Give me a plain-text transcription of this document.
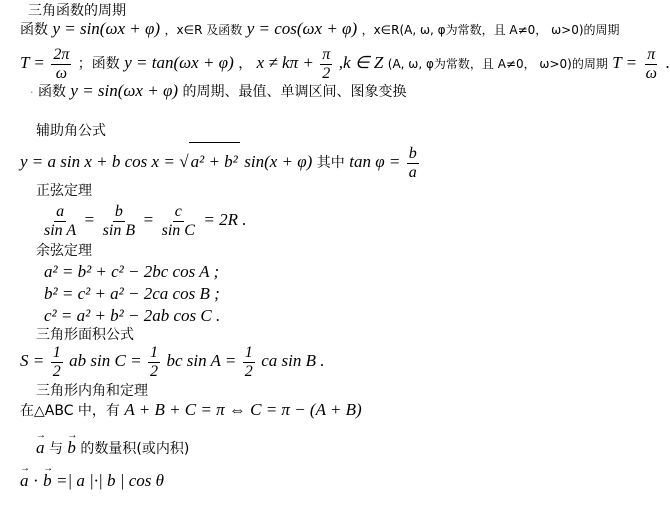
三角函数的周期
函数 y = sin(ωx + φ) ，x∈R 及函数 y = cos(ωx + φ) ，x∈R(A, ω, φ为常数，且 A≠0， ω>0)的周期
$T = \frac{2\pi}{\omega}$ ；函数 y = tan(ωx + φ) ， $x \ne k\pi + \frac{\pi}{2} ,k$ ∈ Z (A, ω, φ为常数，且 A≠0， ω>0)的周期 $T = \frac{\pi}{\omega}$ .
· 函数 y = sin(ωx + φ) 的周期、最值、单调区间、图象变换
辅助角公式
y = a sin x + b cos x = √ a² + b² sin(x + φ) 其中 $\tan \varphi = \frac{b}{a}$
正弦定理
$\frac{a}{\text{sin A}} = \frac{b}{\text{sin B}} = \frac{c}{\text{sin C}} = 2R$ .
余弦定理
a² = b² + c² − 2bc cos A ;
b² = c² + a² − 2ca cos B ;
c² = a² + b² − 2ab cos C .
三角形面积公式
$S = \frac{1}{2}$ ab $\sin C = \frac{1}{2}$ bc $\sin A = \frac{1}{2}$ ca sin B .
三角形内角和定理
在△ABC 中，有 A + B + C = π ⇔ C = π − (A + B)
→ a 与 → b 的数量积(或内积)
→ a · → b =| a |·| b | cos θ
